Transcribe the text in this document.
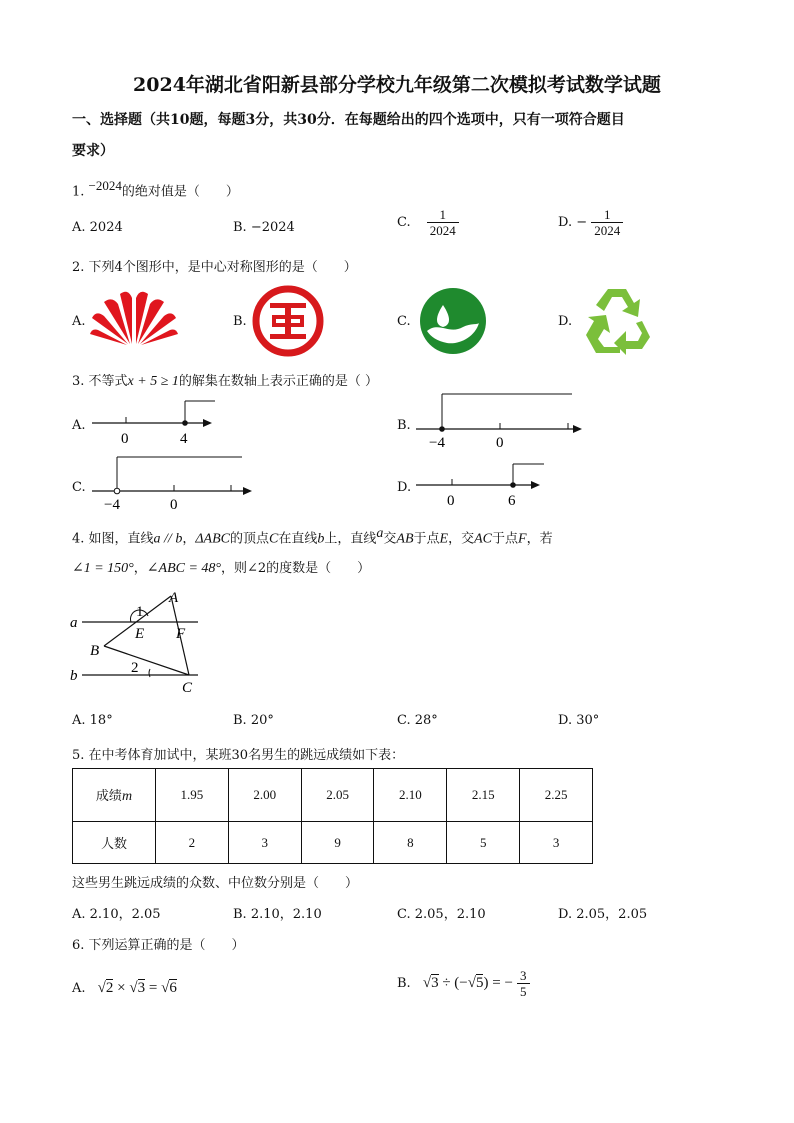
2024年湖北省阳新县部分学校九年级第二次模拟考试数学试题
一、选择题（共10题，每题3分，共30分．在每题给出的四个选项中，只有一项符合题目
要求）
1. $^{-2024}$的绝对值是（　　）
A. 2024	B. −2024	C. $\frac{1}{2024}$	D. − $\frac{1}{2024}$
2. 下列4个图形中，是中心对称图形的是（　　）
A.	B.	C.	D.
3. 不等式x + 5 ≥ 1的解集在数轴上表示正确的是（ ）
A.
0	4
B.
−4	0
C.
−4	0
D.
0	6
4. 如图，直线a // b，ΔABC的顶点C在直线b上，直线$^a$交AB于点E，交AC于点F，若
∠1 = 150°，∠ABC = 48°，则∠2的度数是（　　）
A
B
C
E F
a
b
1
2
A. 18°	B. 20°	C. 28°	D. 30°
5. 在中考体育加试中，某班30名男生的跳远成绩如下表：
成绩m	1.95	2.00	2.05	2.10	2.15	2.25
人数	2	3	9	8	5	3
这些男生跳远成绩的众数、中位数分别是（　　）
A. 2.10，2.05	B. 2.10，2.10	C. 2.05，2.10	D. 2.05，2.05
6. 下列运算正确的是（　　）
A. √2 × √3 = √6	B. √3 ÷ (−√5) = − $\frac{3}{5}$
